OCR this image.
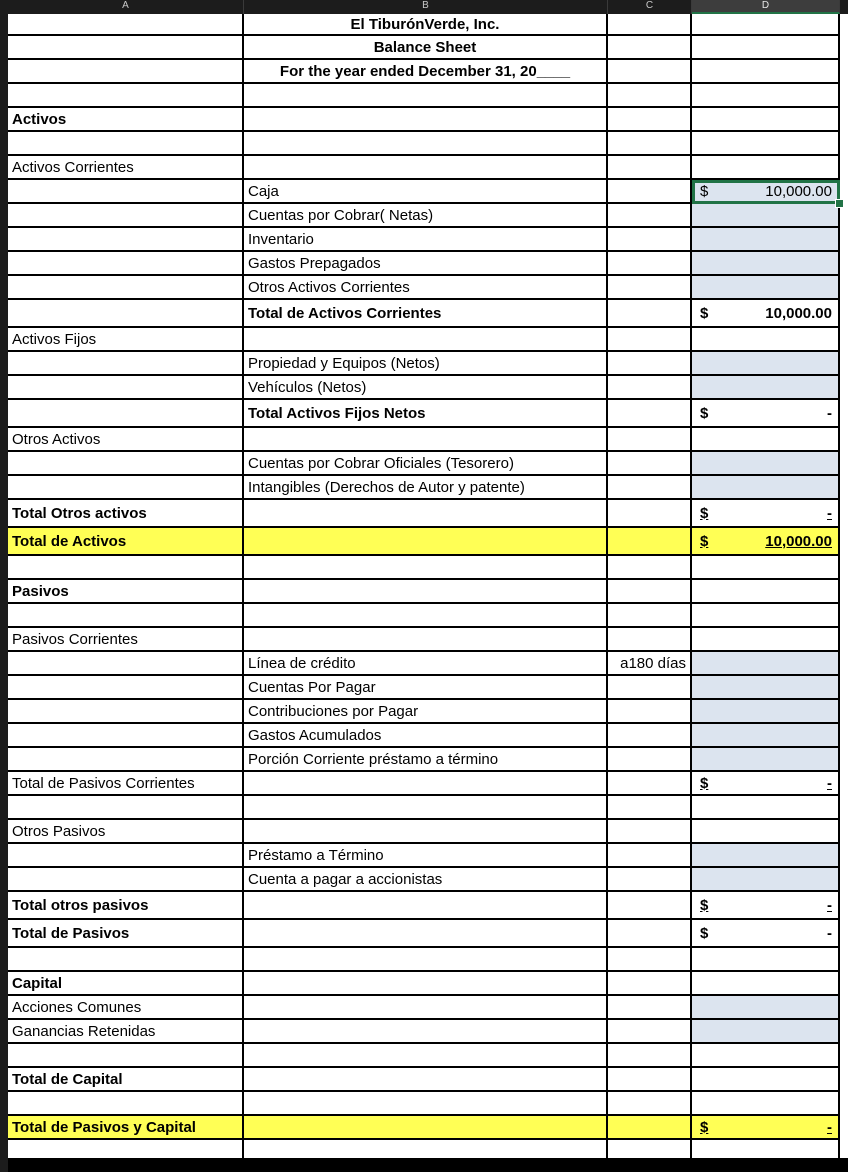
A	B	C	D
El TiburónVerde, Inc.
Balance Sheet
For the year ended December 31, 20____
Activos
Activos Corrientes
Caja	$	10,000.00
Cuentas por Cobrar( Netas)
Inventario
Gastos Prepagados
Otros Activos Corrientes
Total de Activos Corrientes	$	10,000.00
Activos Fijos
Propiedad y Equipos (Netos)
Vehículos (Netos)
Total Activos Fijos Netos	$	-
Otros Activos
Cuentas por Cobrar Oficiales (Tesorero)
Intangibles (Derechos de Autor y patente)
Total Otros activos	$	-
Total de Activos	$	10,000.00
Pasivos
Pasivos Corrientes
Línea de crédito	a180 días
Cuentas Por Pagar
Contribuciones por Pagar
Gastos Acumulados
Porción Corriente préstamo a término
Total de Pasivos Corrientes	$	-
Otros Pasivos
Préstamo a Término
Cuenta a pagar a accionistas
Total otros pasivos	$	-
Total de Pasivos	$	-
Capital
Acciones Comunes
Ganancias Retenidas
Total de Capital
Total de Pasivos y Capital	$	-
